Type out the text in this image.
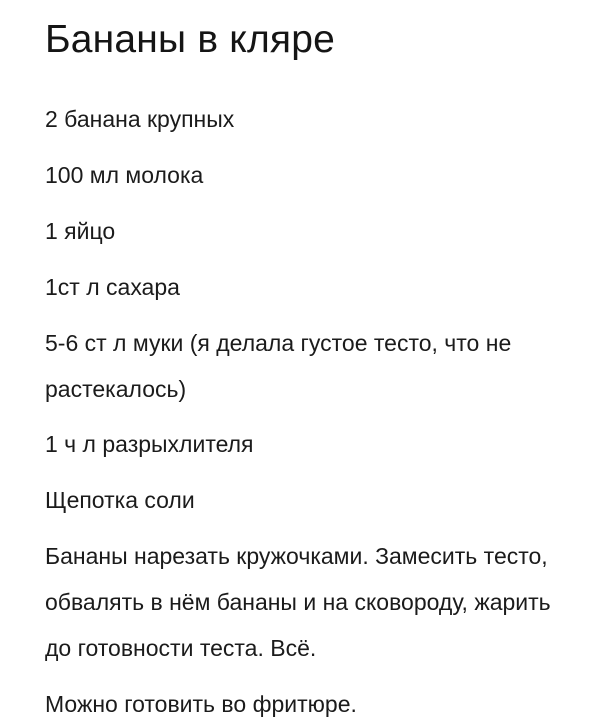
Бананы в кляре
2 банана крупных
100 мл молока
1 яйцо
1ст л сахара
5-6 ст л муки (я делала густое тесто, что не растекалось)
1 ч л разрыхлителя
Щепотка соли

Бананы нарезать кружочками. Замесить тесто, обвалять в нём бананы и на сковороду, жарить до готовности теста. Всё.

Можно готовить во фритюре.
